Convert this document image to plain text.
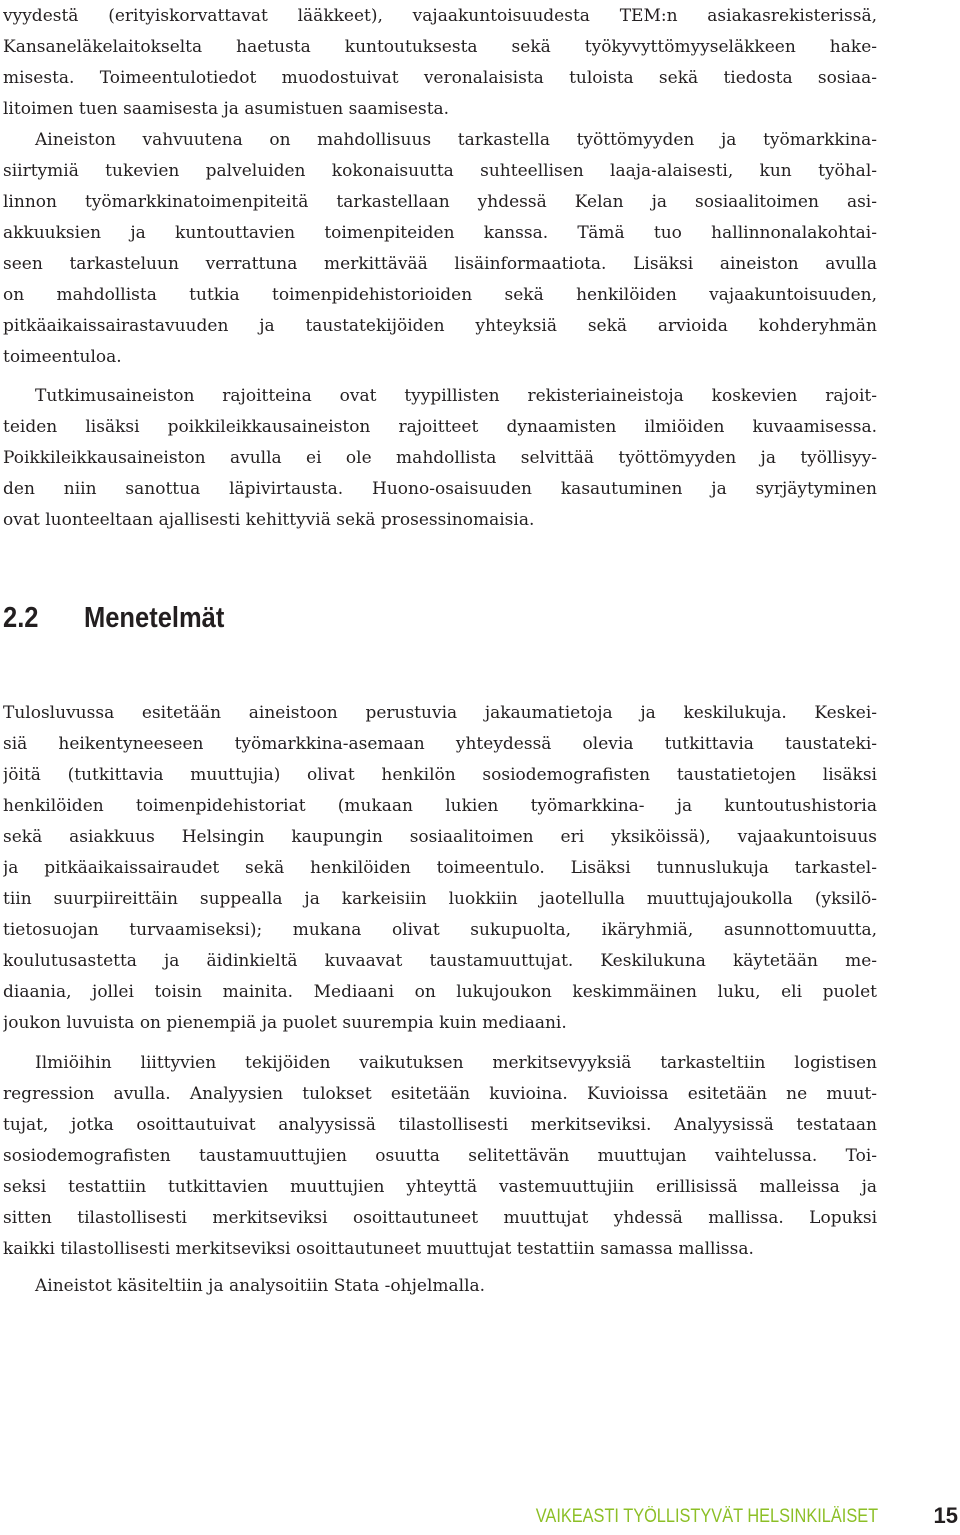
vyydestä (erityiskorvattavat lääkkeet), vajaakuntoisuudesta TEM:n asiakasrekisterissä,
Kansaneläkelaitokselta haetusta kuntoutuksesta sekä työkyvyttömyyseläkkeen hake-
misesta. Toimeentulotiedot muodostuivat veronalaisista tuloista sekä tiedosta sosiaa-
litoimen tuen saamisesta ja asumistuen saamisesta.
Aineiston vahvuutena on mahdollisuus tarkastella työttömyyden ja työmarkkina-
siirtymiä tukevien palveluiden kokonaisuutta suhteellisen laaja-alaisesti, kun työhal-
linnon työmarkkinatoimenpiteitä tarkastellaan yhdessä Kelan ja sosiaalitoimen asi-
akkuuksien ja kuntouttavien toimenpiteiden kanssa. Tämä tuo hallinnonalakohtai-
seen tarkasteluun verrattuna merkittävää lisäinformaatiota. Lisäksi aineiston avulla
on mahdollista tutkia toimenpidehistorioiden sekä henkilöiden vajaakuntoisuuden,
pitkäaikaissairastavuuden ja taustatekijöiden yhteyksiä sekä arvioida kohderyhmän
toimeentuloa.
Tutkimusaineiston rajoitteina ovat tyypillisten rekisteriaineistoja koskevien rajoit-
teiden lisäksi poikkileikkausaineiston rajoitteet dynaamisten ilmiöiden kuvaamisessa.
Poikkileikkausaineiston avulla ei ole mahdollista selvittää työttömyyden ja työllisyy-
den niin sanottua läpivirtausta. Huono-osaisuuden kasautuminen ja syrjäytyminen
ovat luonteeltaan ajallisesti kehittyviä sekä prosessinomaisia.
2.2 Menetelmät
Tulosluvussa esitetään aineistoon perustuvia jakaumatietoja ja keskilukuja. Keskei-
siä heikentyneeseen työmarkkina-asemaan yhteydessä olevia tutkittavia taustateki-
jöitä (tutkittavia muuttujia) olivat henkilön sosiodemografisten taustatietojen lisäksi
henkilöiden toimenpidehistoriat (mukaan lukien työmarkkina- ja kuntoutushistoria
sekä asiakkuus Helsingin kaupungin sosiaalitoimen eri yksiköissä), vajaakuntoisuus
ja pitkäaikaissairaudet sekä henkilöiden toimeentulo. Lisäksi tunnuslukuja tarkastel-
tiin suurpiireittäin suppealla ja karkeisiin luokkiin jaotellulla muuttujajoukolla (yksilö-
tietosuojan turvaamiseksi); mukana olivat sukupuolta, ikäryhmiä, asunnottomuutta,
koulutusastetta ja äidinkieltä kuvaavat taustamuuttujat. Keskilukuna käytetään me-
diaania, jollei toisin mainita. Mediaani on lukujoukon keskimmäinen luku, eli puolet
joukon luvuista on pienempiä ja puolet suurempia kuin mediaani.
Ilmiöihin liittyvien tekijöiden vaikutuksen merkitsevyyksiä tarkasteltiin logistisen
regression avulla. Analyysien tulokset esitetään kuvioina. Kuvioissa esitetään ne muut-
tujat, jotka osoittautuivat analyysissä tilastollisesti merkitseviksi. Analyysissä testataan
sosiodemografisten taustamuuttujien osuutta selitettävän muuttujan vaihtelussa. Toi-
seksi testattiin tutkittavien muuttujien yhteyttä vastemuuttujiin erillisissä malleissa ja
sitten tilastollisesti merkitseviksi osoittautuneet muuttujat yhdessä mallissa. Lopuksi
kaikki tilastollisesti merkitseviksi osoittautuneet muuttujat testattiin samassa mallissa.
Aineistot käsiteltiin ja analysoitiin Stata -ohjelmalla.
VAIKEASTI TYÖLLISTYVÄT HELSINKILÄISET	15
